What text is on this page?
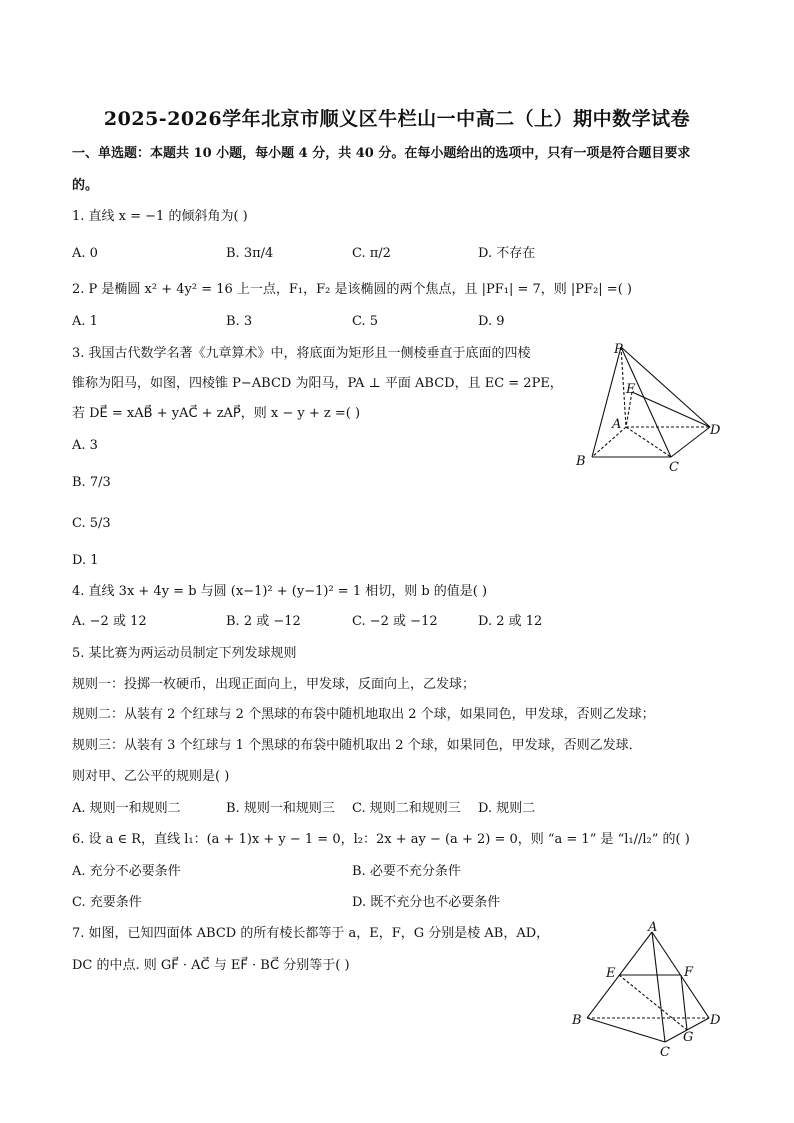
2025-2026学年北京市顺义区牛栏山一中高二（上）期中数学试卷
一、单选题：本题共 10 小题，每小题 4 分，共 40 分。在每小题给出的选项中，只有一项是符合题目要求
的。
1. 直线 x = −1 的倾斜角为( )
A. 0	B. 3π/4	C. π/2	D. 不存在
2. P 是椭圆 x² + 4y² = 16 上一点，F₁，F₂ 是该椭圆的两个焦点，且 |PF₁| = 7，则 |PF₂| =( )
A. 1	B. 3	C. 5	D. 9
3. 我国古代数学名著《九章算术》中，将底面为矩形且一侧棱垂直于底面的四棱
锥称为阳马，如图，四棱锥 P−ABCD 为阳马，PA ⊥ 平面 ABCD，且 EC = 2PE，
若 DE⃗ = xAB⃗ + yAC⃗ + zAP⃗，则 x − y + z =( )
A. 3
B. 7/3
C. 5/3
D. 1
P
E
A	D
B	C
4. 直线 3x + 4y = b 与圆 (x−1)² + (y−1)² = 1 相切，则 b 的值是( )
A. −2 或 12	B. 2 或 −12	C. −2 或 −12	D. 2 或 12
5. 某比赛为两运动员制定下列发球规则
规则一：投掷一枚硬币，出现正面向上，甲发球，反面向上，乙发球；
规则二：从装有 2 个红球与 2 个黑球的布袋中随机地取出 2 个球，如果同色，甲发球，否则乙发球；
规则三：从装有 3 个红球与 1 个黑球的布袋中随机取出 2 个球，如果同色，甲发球，否则乙发球．
则对甲、乙公平的规则是( )
A. 规则一和规则二	B. 规则一和规则三 C. 规则二和规则三 D. 规则二
6. 设 a ∈ R，直线 l₁：(a + 1)x + y − 1 = 0，l₂：2x + ay − (a + 2) = 0，则 “a = 1” 是 “l₁//l₂” 的( )
A. 充分不必要条件	B. 必要不充分条件
C. 充要条件	D. 既不充分也不必要条件
7. 如图，已知四面体 ABCD 的所有棱长都等于 a，E，F，G 分别是棱 AB，AD，
DC 的中点. 则 GF⃗ · AC⃗ 与 EF⃗ · BC⃗ 分别等于( )
A
E	F
B	D
G
C
